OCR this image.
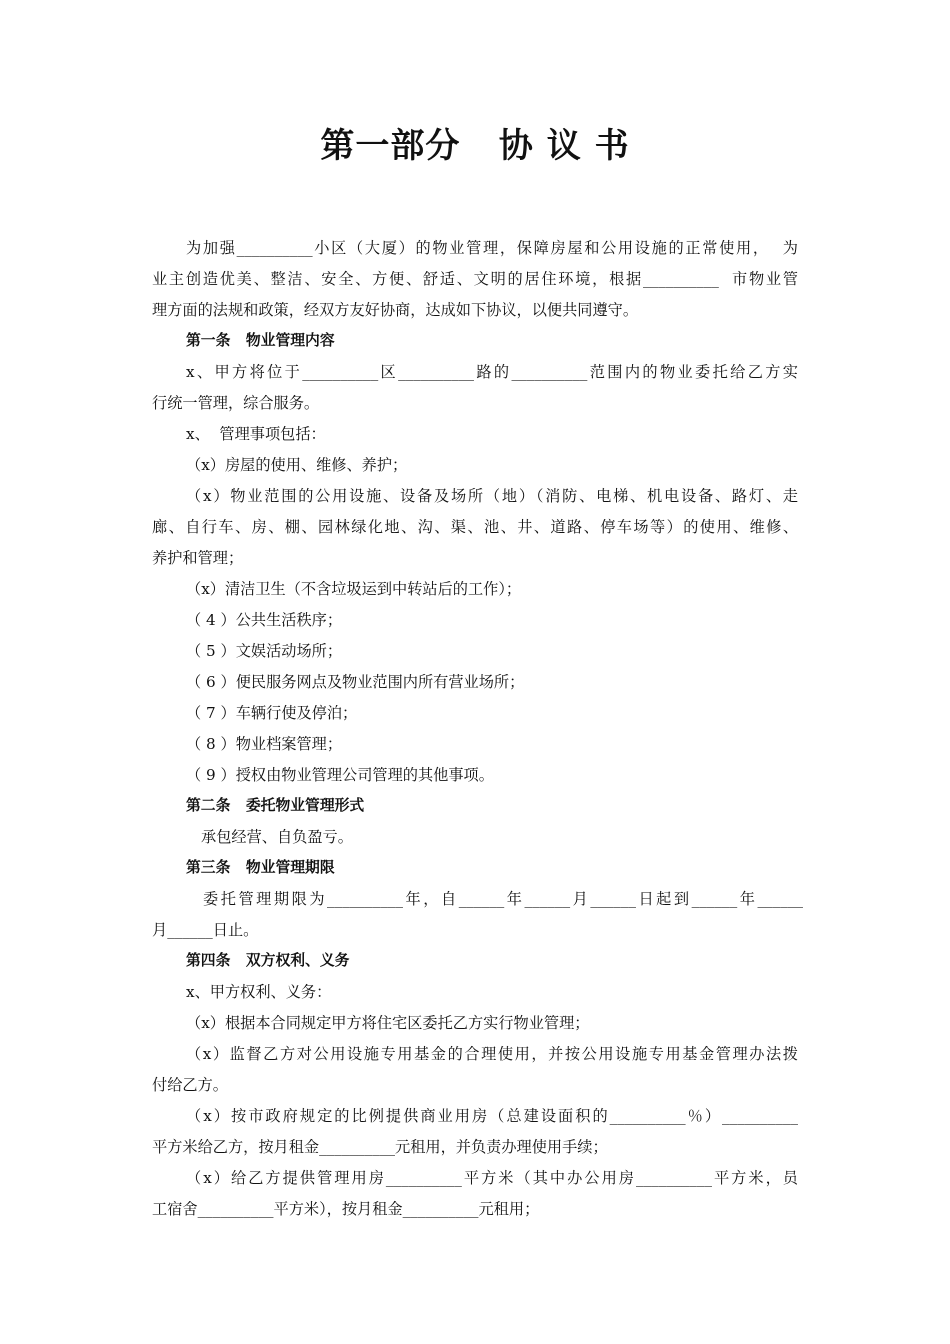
第一部分   协 议 书

为加强__________小区（大厦）的物业管理，保障房屋和公用设施的正常使用，  为

业主创造优美、整洁、安全、方便、舒适、文明的居住环境，根据__________  市物业管

理方面的法规和政策，经双方友好协商，达成如下协议，以便共同遵守。

第一条   物业管理内容

x、甲方将位于__________区__________路的__________范围内的物业委托给乙方实

行统一管理，综合服务。

x、  管理事项包括：

（x）房屋的使用、维修、养护；

（x）物业范围的公用设施、设备及场所（地）（消防、电梯、机电设备、路灯、走

廊、自行车、房、棚、园林绿化地、沟、渠、池、井、道路、停车场等）的使用、维修、

养护和管理；

（x）清洁卫生（不含垃圾运到中转站后的工作）；

（ 4 ）公共生活秩序；

（ 5 ）文娱活动场所；

（ 6 ）便民服务网点及物业范围内所有营业场所；

（ 7 ）车辆行使及停泊；

（ 8 ）物业档案管理；

（ 9 ）授权由物业管理公司管理的其他事项。

第二条   委托物业管理形式

承包经营、自负盈亏。

第三条   物业管理期限

委托管理期限为__________年，自______年______月______日起到______年______

月______日止。

第四条   双方权利、义务

x、甲方权利、义务：

（x）根据本合同规定甲方将住宅区委托乙方实行物业管理；

（x）监督乙方对公用设施专用基金的合理使用，并按公用设施专用基金管理办法拨

付给乙方。

（x）按市政府规定的比例提供商业用房（总建设面积的__________％）__________

平方米给乙方，按月租金__________元租用，并负责办理使用手续；

（x）给乙方提供管理用房__________平方米（其中办公用房__________平方米，员

工宿舍__________平方米），按月租金__________元租用；
